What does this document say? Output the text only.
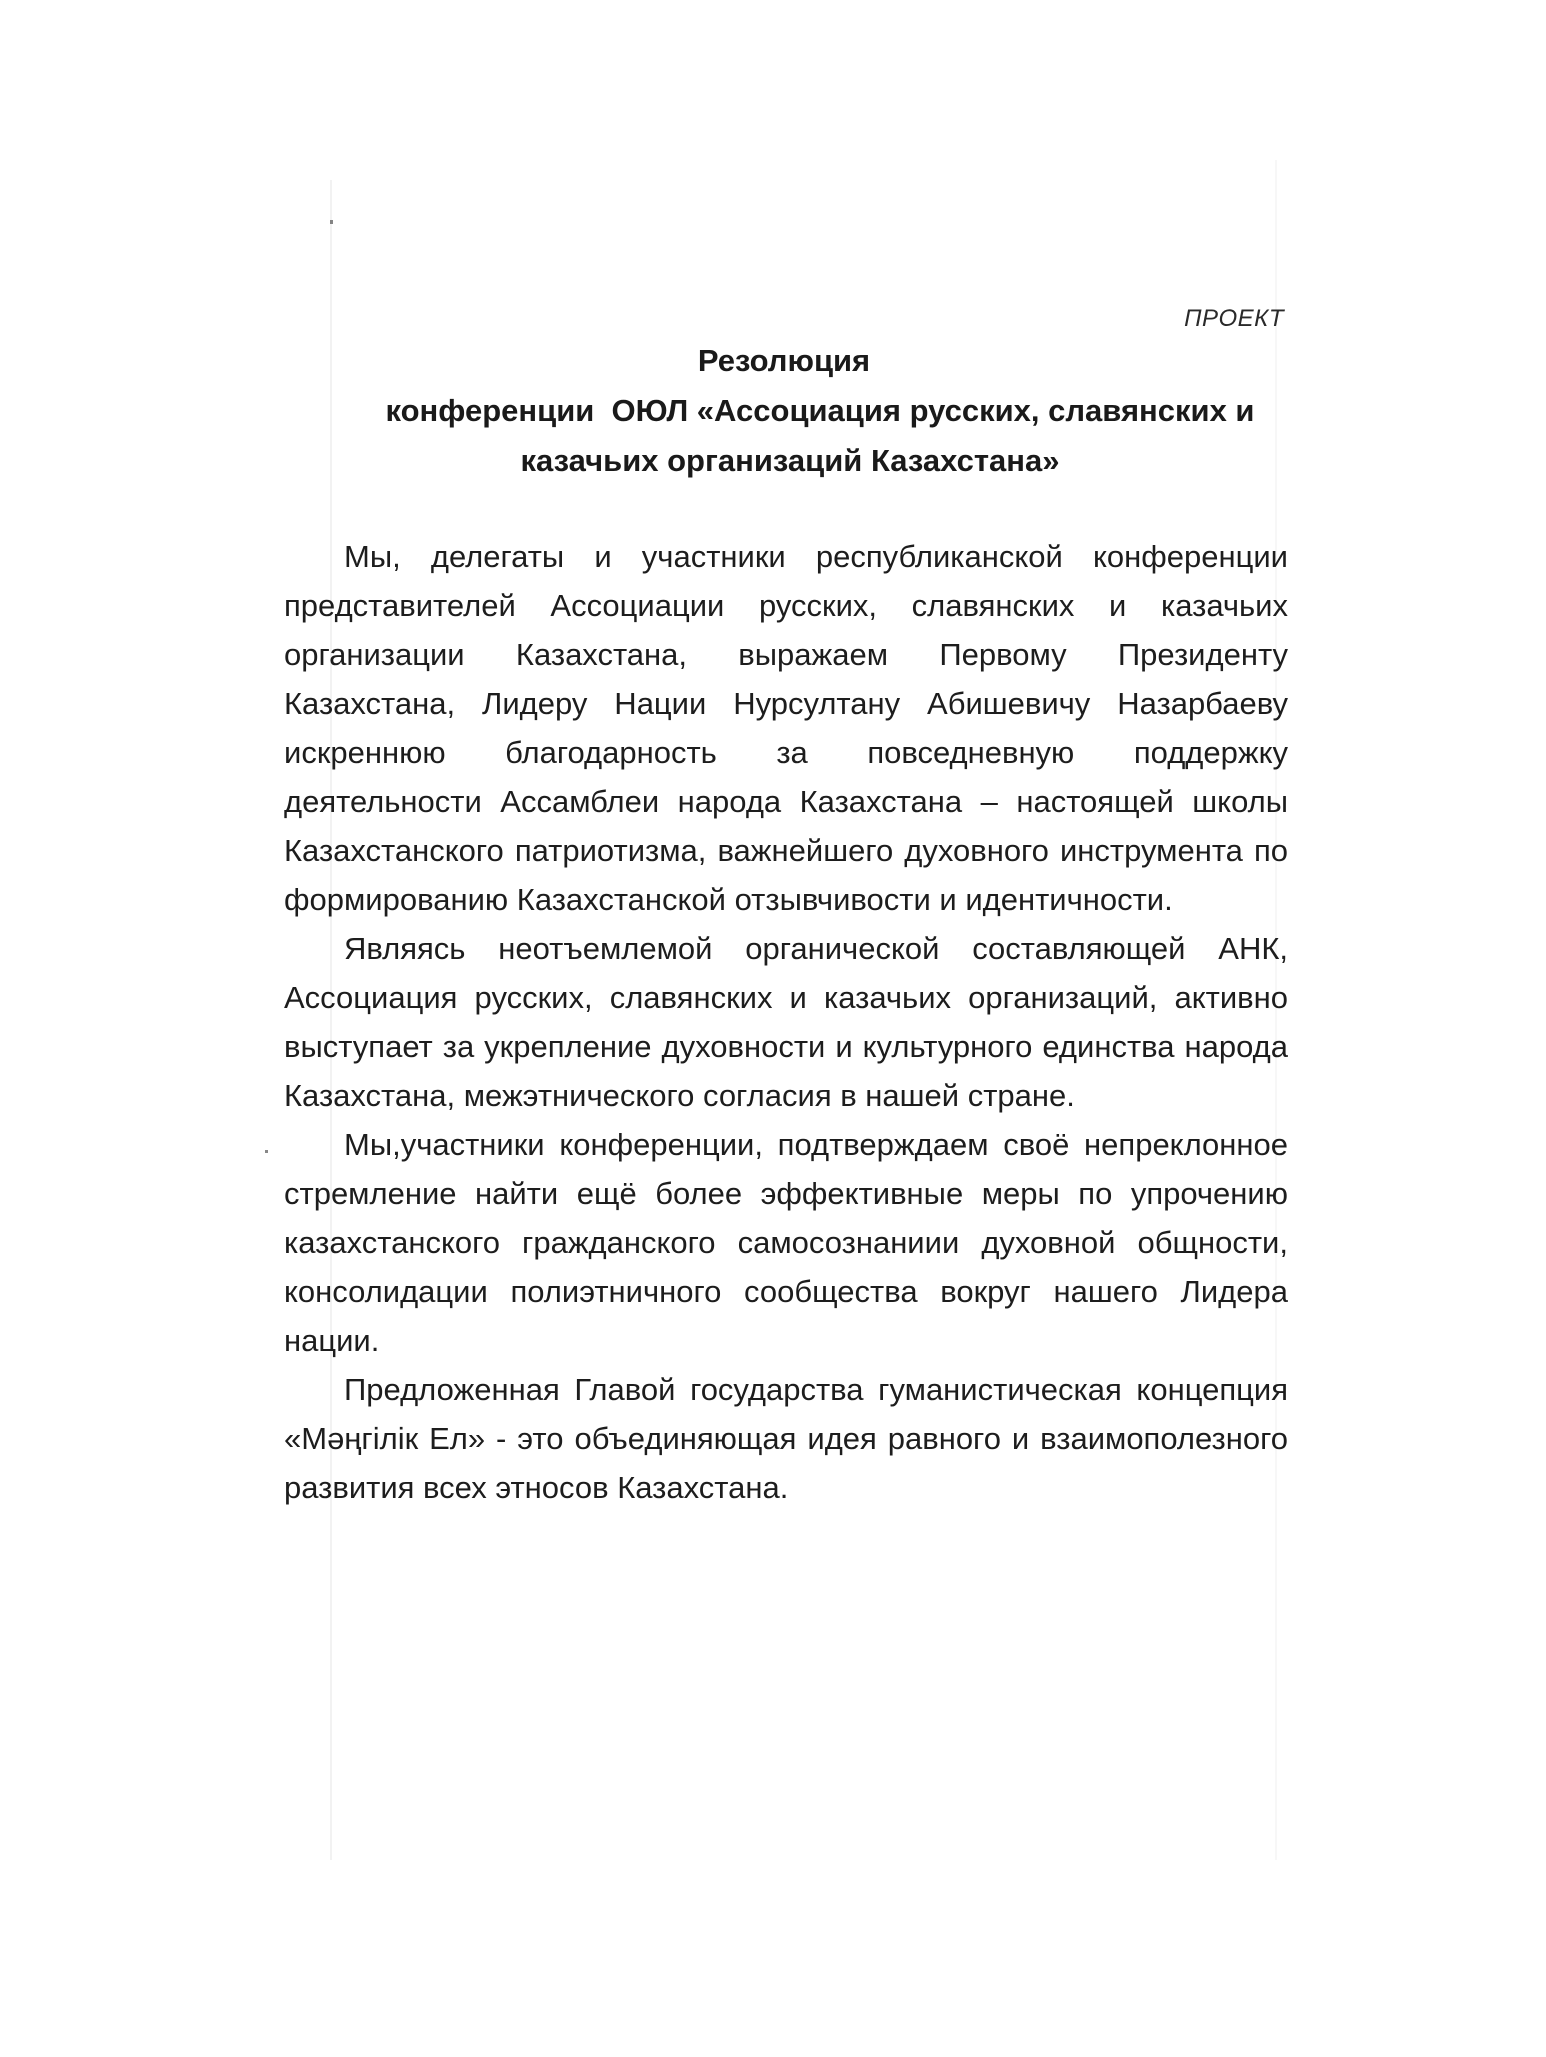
ПРОЕКТ
Резолюция
конференции  ОЮЛ «Ассоциация русских, славянских и
казачьих организаций Казахстана»

Мы, делегаты и участники республиканской конференции представителей Ассоциации русских, славянских и казачьих организации Казахстана, выражаем Первому Президенту Казахстана, Лидеру Нации Нурсултану Абишевичу Назарбаеву искреннюю благодарность за повседневную поддержку деятельности Ассамблеи народа Казахстана – настоящей школы Казахстанского патриотизма, важнейшего духовного инструмента по формированию Казахстанской отзывчивости и идентичности.

Являясь неотъемлемой органической составляющей АНК, Ассоциация русских, славянских и казачьих организаций, активно выступает за укрепление духовности и культурного единства народа Казахстана, межэтнического согласия в нашей стране.

Мы,участники конференции, подтверждаем своё непреклонное стремление найти ещё более эффективные меры по упрочению казахстанского гражданского самосознаниии духовной общности, консолидации полиэтничного сообщества вокруг нашего Лидера нации.

Предложенная Главой государства гуманистическая концепция «Мәңгілік Ел» - это объединяющая идея равного и взаимополезного развития всех этносов Казахстана.
